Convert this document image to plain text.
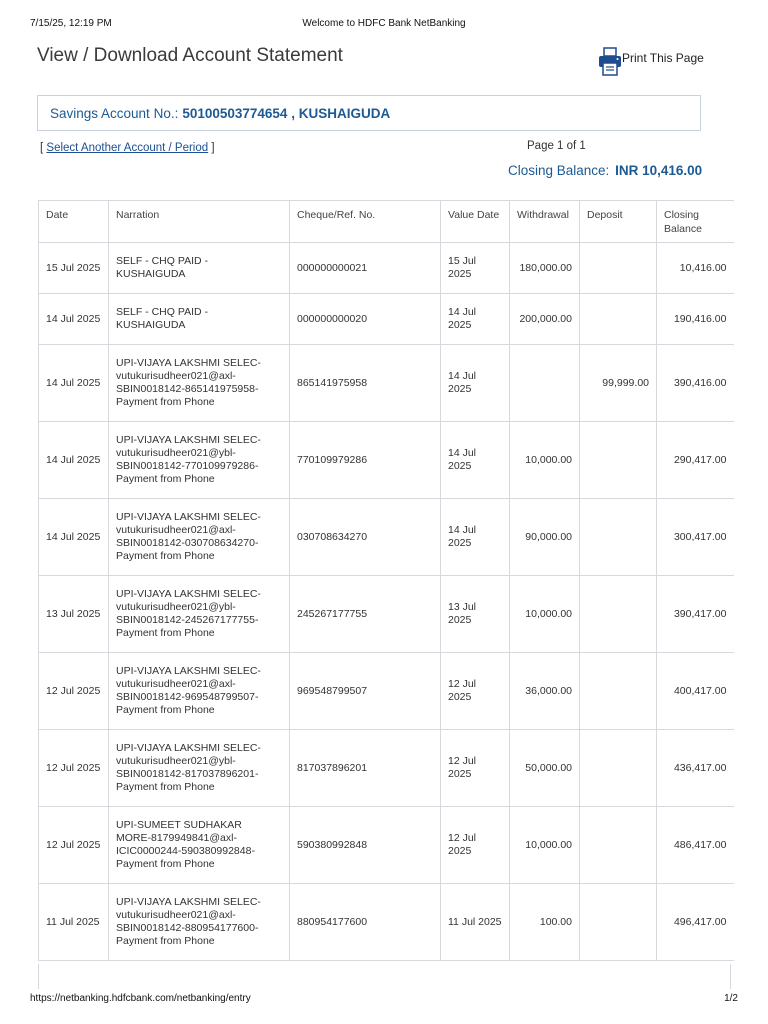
7/15/25, 12:19 PM	Welcome to HDFC Bank NetBanking
View / Download Account Statement	Print This Page
Savings Account No.: 50100503774654 , KUSHAIGUDA
[ Select Another Account / Period ]	Page 1 of 1
Closing Balance: INR 10,416.00
Date	Narration	Cheque/Ref. No.	Value Date	Withdrawal	Deposit	Closing
Balance

15 Jul 2025	SELF - CHQ PAID -
KUSHAIGUDA	000000000021	15 Jul 2025	180,000.00		10,416.00
14 Jul 2025	SELF - CHQ PAID -
KUSHAIGUDA	000000000020	14 Jul 2025	200,000.00		190,416.00
14 Jul 2025	UPI-VIJAYA LAKSHMI SELEC-
vutukurisudheer021@axl-
SBIN0018142-865141975958-
Payment from Phone	865141975958	14 Jul 2025		99,999.00	390,416.00
14 Jul 2025	UPI-VIJAYA LAKSHMI SELEC-
vutukurisudheer021@ybl-
SBIN0018142-770109979286-
Payment from Phone	770109979286	14 Jul 2025	10,000.00		290,417.00
14 Jul 2025	UPI-VIJAYA LAKSHMI SELEC-
vutukurisudheer021@axl-
SBIN0018142-030708634270-
Payment from Phone	030708634270	14 Jul 2025	90,000.00		300,417.00
13 Jul 2025	UPI-VIJAYA LAKSHMI SELEC-
vutukurisudheer021@ybl-
SBIN0018142-245267177755-
Payment from Phone	245267177755	13 Jul 2025	10,000.00		390,417.00
12 Jul 2025	UPI-VIJAYA LAKSHMI SELEC-
vutukurisudheer021@axl-
SBIN0018142-969548799507-
Payment from Phone	969548799507	12 Jul 2025	36,000.00		400,417.00
12 Jul 2025	UPI-VIJAYA LAKSHMI SELEC-
vutukurisudheer021@ybl-
SBIN0018142-817037896201-
Payment from Phone	817037896201	12 Jul 2025	50,000.00		436,417.00
12 Jul 2025	UPI-SUMEET SUDHAKAR
MORE-8179949841@axl-
ICIC0000244-590380992848-
Payment from Phone	590380992848	12 Jul 2025	10,000.00		486,417.00
11 Jul 2025	UPI-VIJAYA LAKSHMI SELEC-
vutukurisudheer021@axl-
SBIN0018142-880954177600-
Payment from Phone	880954177600	11 Jul 2025	100.00		496,417.00
https://netbanking.hdfcbank.com/netbanking/entry	1/2
